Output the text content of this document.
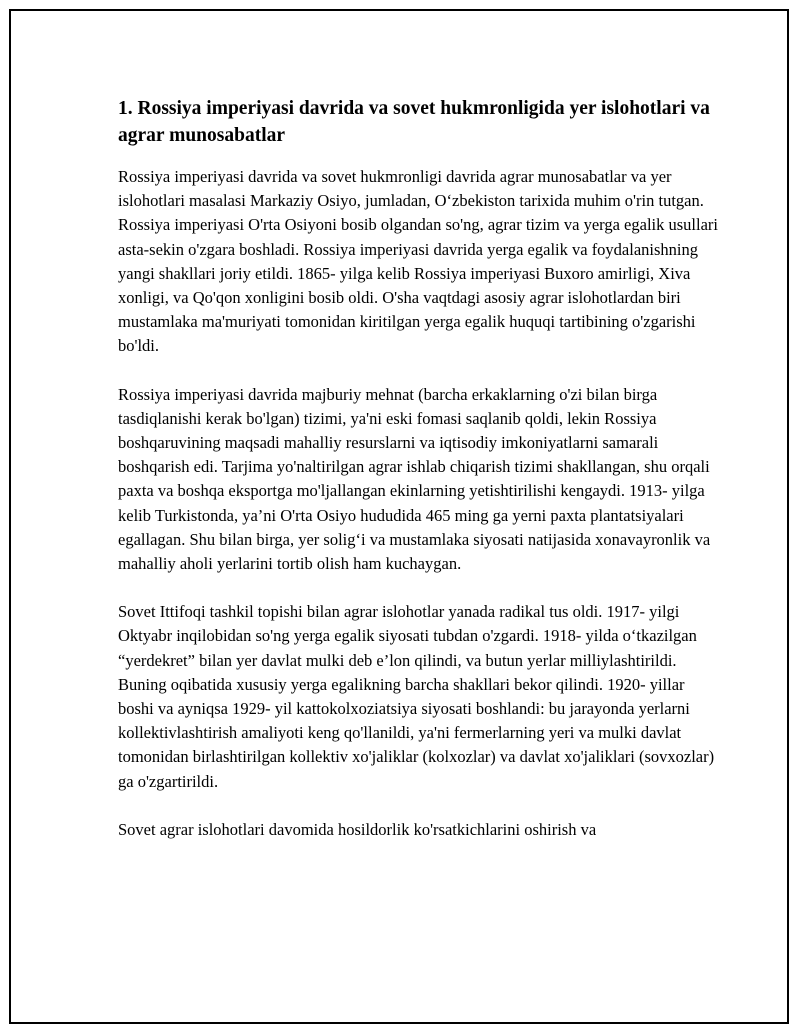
1. Rossiya imperiyasi davrida va sovet hukmronligida yer islohotlari va agrar munosabatlar

Rossiya imperiyasi davrida va sovet hukmronligi davrida agrar munosabatlar va yer islohotlari masalasi Markaziy Osiyo, jumladan, O‘zbekiston tarixida muhim o'rin tutgan. Rossiya imperiyasi O'rta Osiyoni bosib olgandan so'ng, agrar tizim va yerga egalik usullari asta-sekin o'zgara boshladi. Rossiya imperiyasi davrida yerga egalik va foydalanishning yangi shakllari joriy etildi. 1865- yilga kelib Rossiya imperiyasi Buxoro amirligi, Xiva xonligi, va Qo'qon xonligini bosib oldi. O'sha vaqtdagi asosiy agrar islohotlardan biri mustamlaka ma'muriyati tomonidan kiritilgan yerga egalik huquqi tartibining o'zgarishi bo'ldi.

Rossiya imperiyasi davrida majburiy mehnat (barcha erkaklarning o'zi bilan birga tasdiqlanishi kerak bo'lgan) tizimi, ya'ni eski fomasi saqlanib qoldi, lekin Rossiya boshqaruvining maqsadi mahalliy resurslarni va iqtisodiy imkoniyatlarni samarali boshqarish edi. Tarjima yo'naltirilgan agrar ishlab chiqarish tizimi shakllangan, shu orqali paxta va boshqa eksportga mo'ljallangan ekinlarning yetishtirilishi kengaydi. 1913- yilga kelib Turkistonda, ya’ni O'rta Osiyo hududida 465 ming ga yerni paxta plantatsiyalari egallagan. Shu bilan birga, yer solig‘i va mustamlaka siyosati natijasida xonavayronlik va mahalliy aholi yerlarini tortib olish ham kuchaygan.

Sovet Ittifoqi tashkil topishi bilan agrar islohotlar yanada radikal tus oldi. 1917- yilgi Oktyabr inqilobidan so'ng yerga egalik siyosati tubdan o'zgardi. 1918- yilda o‘tkazilgan “yerdekret” bilan yer davlat mulki deb e’lon qilindi, va butun yerlar milliylashtirildi. Buning oqibatida xususiy yerga egalikning barcha shakllari bekor qilindi. 1920- yillar boshi va ayniqsa 1929- yil kattokolxoziatsiya siyosati boshlandi: bu jarayonda yerlarni kollektivlashtirish amaliyoti keng qo'llanildi, ya'ni fermerlarning yeri va mulki davlat tomonidan birlashtirilgan kollektiv xo'jaliklar (kolxozlar) va davlat xo'jaliklari (sovxozlar) ga o'zgartirildi.

Sovet agrar islohotlari davomida hosildorlik ko'rsatkichlarini oshirish va
